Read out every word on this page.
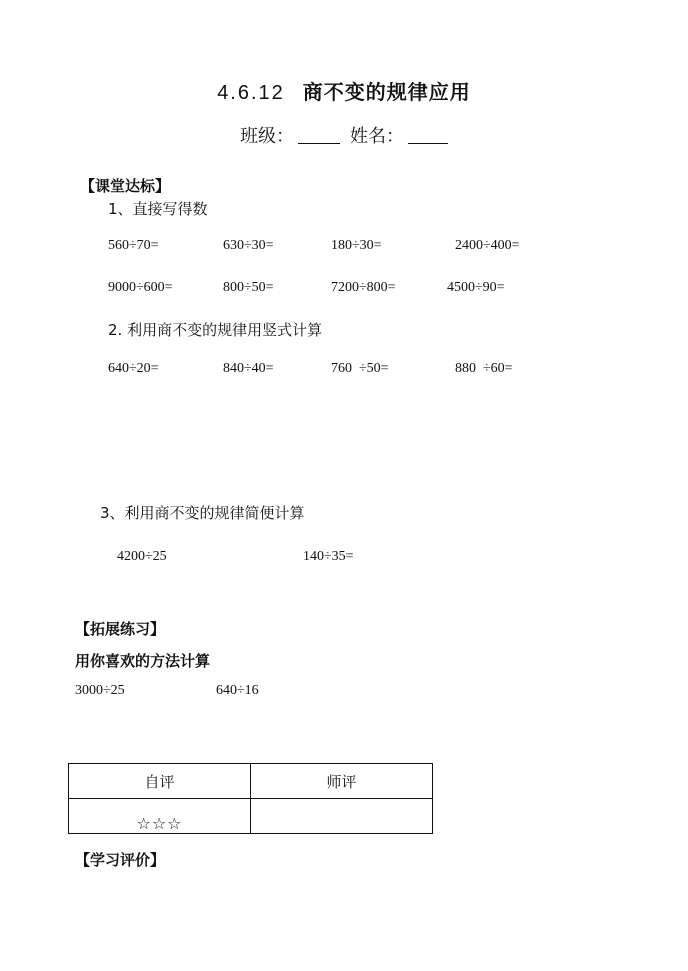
4.6.12 商不变的规律应用
班级：	姓名：
【课堂达标】
1、直接写得数
560÷70=	630÷30=	180÷30=	2400÷400=
9000÷600=	800÷50=	7200÷800=	4500÷90=
2. 利用商不变的规律用竖式计算
640÷20=	840÷40=	760  ÷50=	880  ÷60=
3、利用商不变的规律简便计算
4200÷25	140÷35=
【拓展练习】
用你喜欢的方法计算
3000÷25	640÷16
自评	师评
☆☆☆	
【学习评价】
